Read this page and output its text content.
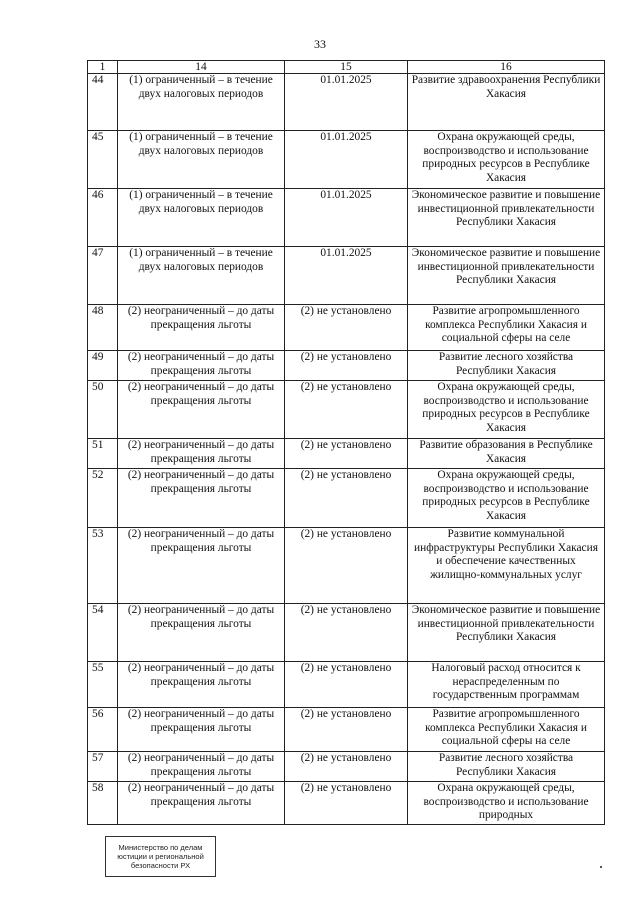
33
1	14	15	16
44	(1) ограниченный – в течение двух налоговых периодов	01.01.2025	Развитие здравоохранения Республики Хакасия
45	(1) ограниченный – в течение двух налоговых периодов	01.01.2025	Охрана окружающей среды, воспроизводство и использование природных ресурсов в Республике Хакасия
46	(1) ограниченный – в течение двух налоговых периодов	01.01.2025	Экономическое развитие и повышение инвестиционной привлекательности Республики Хакасия
47	(1) ограниченный – в течение двух налоговых периодов	01.01.2025	Экономическое развитие и повышение инвестиционной привлекательности Республики Хакасия
48	(2) неограниченный – до даты прекращения льготы	(2) не установлено	Развитие агропромышленного комплекса Республики Хакасия и социальной сферы на селе
49	(2) неограниченный – до даты прекращения льготы	(2) не установлено	Развитие лесного хозяйства Республики Хакасия
50	(2) неограниченный – до даты прекращения льготы	(2) не установлено	Охрана окружающей среды, воспроизводство и использование природных ресурсов в Республике Хакасия
51	(2) неограниченный – до даты прекращения льготы	(2) не установлено	Развитие образования в Республике Хакасия
52	(2) неограниченный – до даты прекращения льготы	(2) не установлено	Охрана окружающей среды, воспроизводство и использование природных ресурсов в Республике Хакасия
53	(2) неограниченный – до даты прекращения льготы	(2) не установлено	Развитие коммунальной инфраструктуры Республики Хакасия и обеспечение качественных жилищно-коммунальных услуг
54	(2) неограниченный – до даты прекращения льготы	(2) не установлено	Экономическое развитие и повышение инвестиционной привлекательности Республики Хакасия
55	(2) неограниченный – до даты прекращения льготы	(2) не установлено	Налоговый расход относится к нераспределенным по государственным программам
56	(2) неограниченный – до даты прекращения льготы	(2) не установлено	Развитие агропромышленного комплекса Республики Хакасия и социальной сферы на селе
57	(2) неограниченный – до даты прекращения льготы	(2) не установлено	Развитие лесного хозяйства Республики Хакасия
58	(2) неограниченный – до даты прекращения льготы	(2) не установлено	Охрана окружающей среды, воспроизводство и использование природных
Министерство по делам
юстиции и региональной
безопасности РХ
